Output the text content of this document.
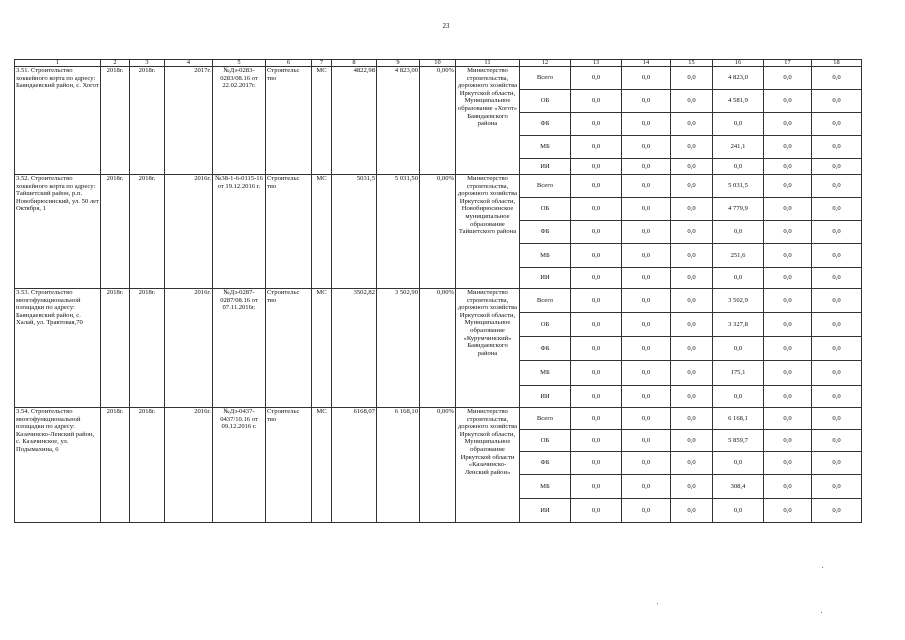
23
1	2	3	4	5	6	7	8	9	10	11	12	13	14	15	16	17	18
3.51. Строительство хоккейного корта по адресу: Баяндаевский район, с. Хогот	2018г.	2018г.	2017г.	№Дз-0283-0283/08.16 от 22.02.2017г.	Строительс тво	МС	4822,98	4 823,00	0,00%	Министерство строительства, дорожного хозяйства Иркутской области, Муниципальное образование «Хогот» Баяндаевского района	Всего	0,0	0,0	0,0	4 823,0	0,0	0,0
											ОБ	0,0	0,0	0,0	4 581,9	0,0	0,0
											ФБ	0,0	0,0	0,0	0,0	0,0	0,0
											МБ	0,0	0,0	0,0	241,1	0,0	0,0
											ИИ	0,0	0,0	0,0	0,0	0,0	0,0
3.52. Строительство хоккейного корта по адресу: Тайшетский район, р.п. Новобирюсинский, ул. 50 лет Октября, 1	2018г.	2018г.	2016г.	№38-1-6-0115-16 от 19.12.2016 г.	Строительс тво	МС	5031,5	5 031,50	0,00%	Министерство строительства, дорожного хозяйства Иркутской области, Новобирюсинское муниципальное образование Тайшетского района	Всего	0,0	0,0	0,0	5 031,5	0,0	0,0
											ОБ	0,0	0,0	0,0	4 779,9	0,0	0,0
											ФБ	0,0	0,0	0,0	0,0	0,0	0,0
											МБ	0,0	0,0	0,0	251,6	0,0	0,0
											ИИ	0,0	0,0	0,0	0,0	0,0	0,0
3.53. Строительство многофункциональной площадки по адресу: Баяндаевский район, с. Халай, ул. Трактовая,70	2018г.	2018г.	2016г.	№Дз-0287-0287/08.16 от 07.11.2016г.	Строительс тво	МС	3502,82	3 502,90	0,00%	Министерство строительства, дорожного хозяйства Иркутской области, Муниципальное образование «Курумчинский» Баяндаевского района	Всего	0,0	0,0	0,0	3 502,9	0,0	0,0
											ОБ	0,0	0,0	0,0	3 327,8	0,0	0,0
											ФБ	0,0	0,0	0,0	0,0	0,0	0,0
											МБ	0,0	0,0	0,0	175,1	0,0	0,0
											ИИ	0,0	0,0	0,0	0,0	0,0	0,0
3.54. Строительство многофункциональной площадки по адресу: Казачинско-Ленский район, с. Казачинское, ул. Подымахина, 6	2018г.	2018г.	2016г.	№Дз-0437-0437/10.16 от 09.12.2016 г.	Строительс тво	МС	6168,07	6 168,10	0,00%	Министерство строительства, дорожного хозяйства Иркутской области, Муниципальное образование Иркутской области «Казачинско-Ленский район»	Всего	0,0	0,0	0,0	6 168,1	0,0	0,0
											ОБ	0,0	0,0	0,0	5 859,7	0,0	0,0
											ФБ	0,0	0,0	0,0	0,0	0,0	0,0
											МБ	0,0	0,0	0,0	308,4	0,0	0,0
											ИИ	0,0	0,0	0,0	0,0	0,0	0,0
